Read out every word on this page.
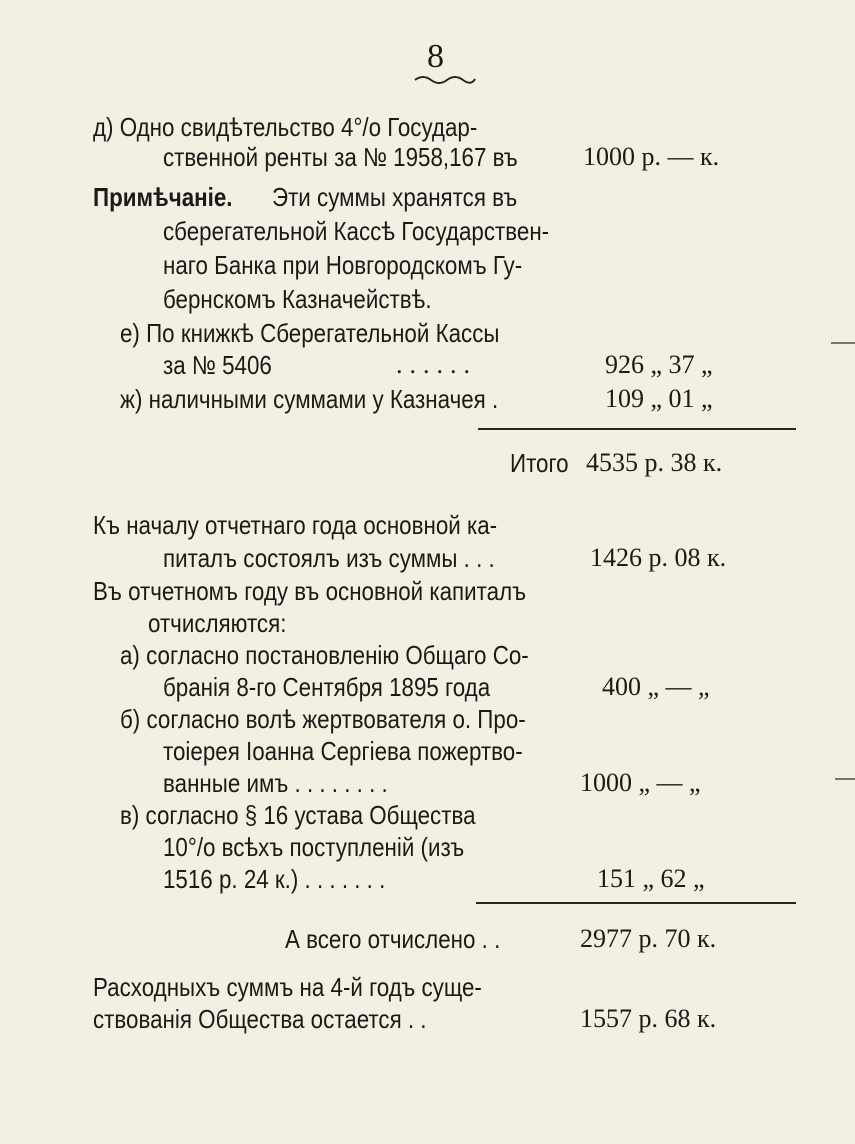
8
д) Одно свидѣтельство 4°/o Государ-
ственной ренты за № 1958,167 въ	1000 р. — к.
Примѣчаніе. Эти суммы хранятся въ
сберегательной Кассѣ Государствен-
наго Банка при Новгородскомъ Гу-
бернскомъ Казначействѣ.
е) По книжкѣ Сберегательной Кассы
за № 5406	......	926 „ 37 „
ж) наличными суммами у Казначея .	109 „ 01 „
Итого 4535 р. 38 к.
Къ началу отчетнаго года основной ка-
питалъ состоялъ изъ суммы . . .	1426 р. 08 к.
Въ отчетномъ году въ основной капиталъ
отчисляются:
а) согласно постановленію Общаго Со-
бранія 8-го Сентября 1895 года	400 „ — „
б) согласно волѣ жертвователя о. Про-
тоіерея Іоанна Сергіева пожертво-
ванные имъ . . . . . . . .	1000 „ — „
в) согласно § 16 устава Общества
10°/o всѣхъ поступленій (изъ
1516 р. 24 к.) . . . . . . .	151 „ 62 „
А всего отчислено . .	2977 р. 70 к.
Расходныхъ суммъ на 4-й годъ суще-
ствованія Общества остается . .	1557 р. 68 к.
